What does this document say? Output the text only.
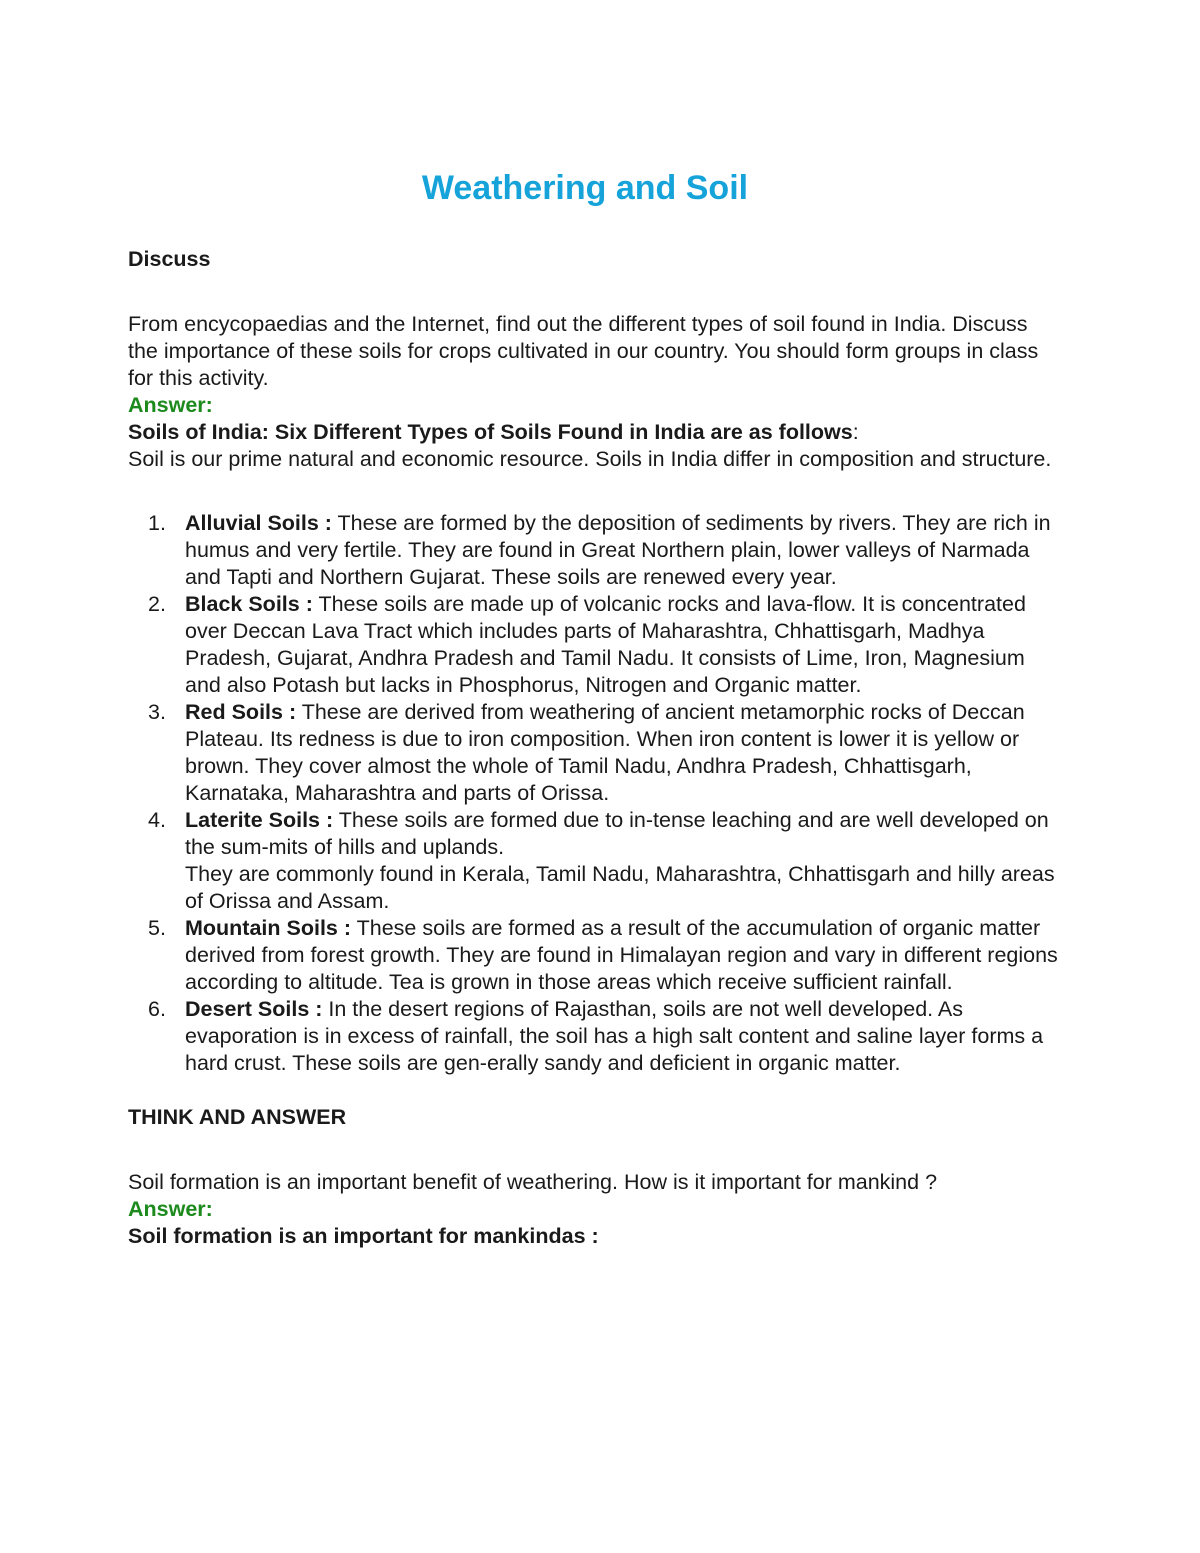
Weathering and Soil

Discuss

From encycopaedias and the Internet, find out the different types of soil found in India. Discuss the importance of these soils for crops cultivated in our country. You should form groups in class for this activity.

Answer:

Soils of India: Six Different Types of Soils Found in India are as follows:

Soil is our prime natural and economic resource. Soils in India differ in composition and structure.

1. Alluvial Soils : These are formed by the deposition of sediments by rivers. They are rich in humus and very fertile. They are found in Great Northern plain, lower valleys of Narmada and Tapti and Northern Gujarat. These soils are renewed every year.
2. Black Soils : These soils are made up of volcanic rocks and lava-flow. It is concentrated over Deccan Lava Tract which includes parts of Maharashtra, Chhattisgarh, Madhya Pradesh, Gujarat, Andhra Pradesh and Tamil Nadu. It consists of Lime, Iron, Magnesium and also Potash but lacks in Phosphorus, Nitrogen and Organic matter.
3. Red Soils : These are derived from weathering of ancient metamorphic rocks of Deccan Plateau. Its redness is due to iron composition. When iron content is lower it is yellow or brown. They cover almost the whole of Tamil Nadu, Andhra Pradesh, Chhattisgarh, Karnataka, Maharashtra and parts of Orissa.
4. Laterite Soils : These soils are formed due to in-tense leaching and are well developed on the sum-mits of hills and uplands.
They are commonly found in Kerala, Tamil Nadu, Maharashtra, Chhattisgarh and hilly areas of Orissa and Assam.
5. Mountain Soils : These soils are formed as a result of the accumulation of organic matter derived from forest growth. They are found in Himalayan region and vary in different regions according to altitude. Tea is grown in those areas which receive sufficient rainfall.
6. Desert Soils : In the desert regions of Rajasthan, soils are not well developed. As evaporation is in excess of rainfall, the soil has a high salt content and saline layer forms a hard crust. These soils are gen-erally sandy and deficient in organic matter.

THINK AND ANSWER

Soil formation is an important benefit of weathering. How is it important for mankind ?

Answer:

Soil formation is an important for mankindas :
